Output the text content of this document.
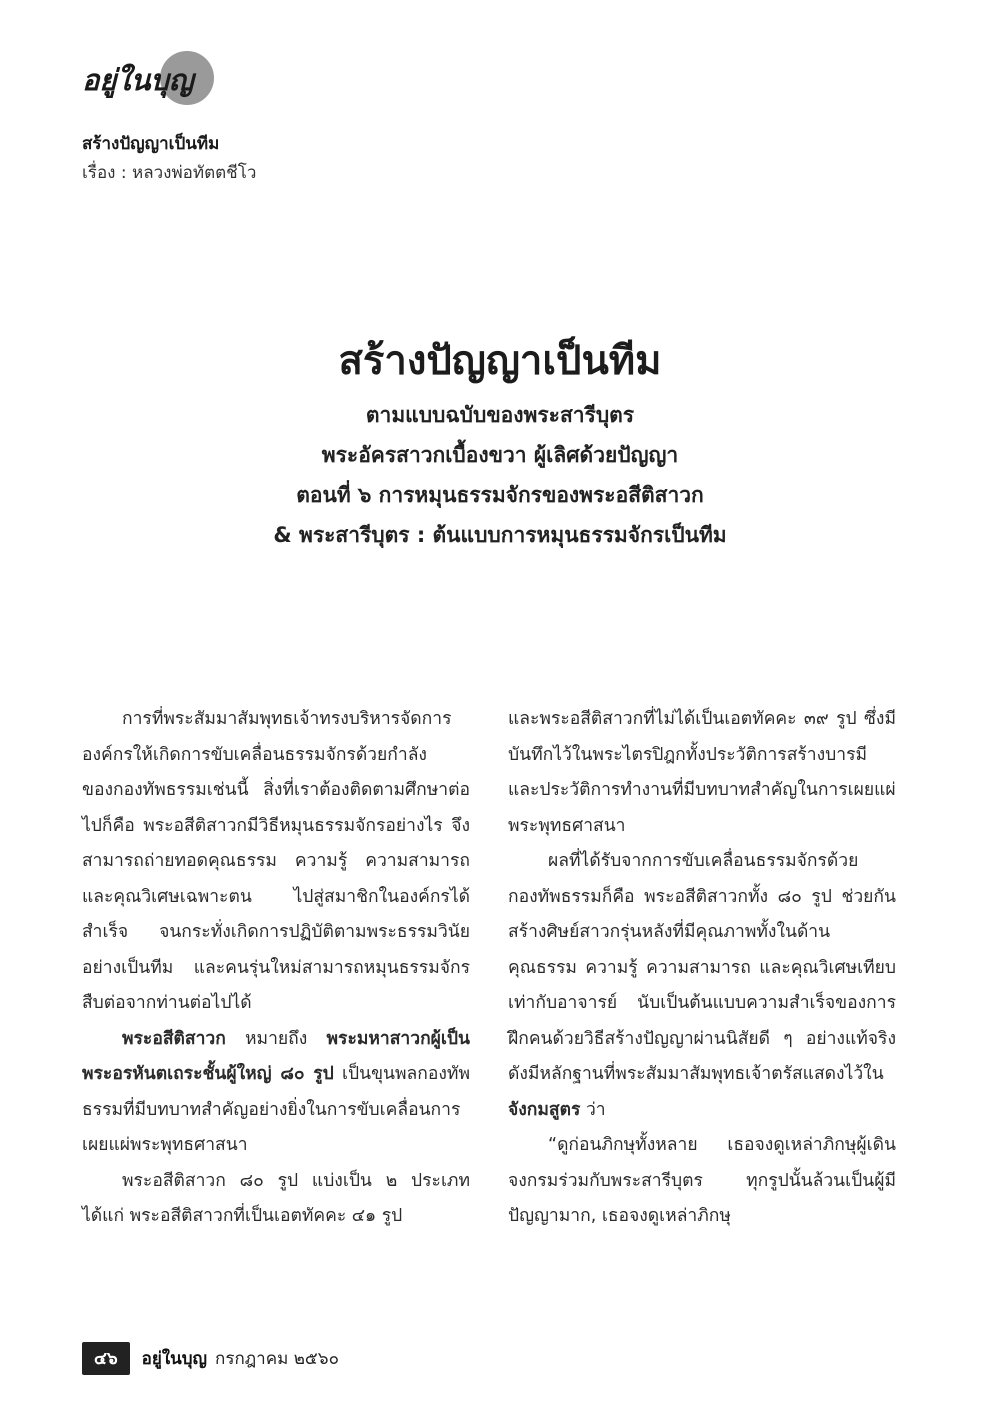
อยู่ในบุญ
สร้างปัญญาเป็นทีม
เรื่อง : หลวงพ่อทัตตชีโว
สร้างปัญญาเป็นทีม

ตามแบบฉบับของพระสารีบุตร

พระอัครสาวกเบื้องขวา ผู้เลิศด้วยปัญญา

ตอนที่ ๖ การหมุนธรรมจักรของพระอสีติสาวก

& พระสารีบุตร : ต้นแบบการหมุนธรรมจักรเป็นทีม

การที่พระสัมมาสัมพุทธเจ้าทรงบริหารจัดการองค์กรให้เกิดการขับเคลื่อนธรรมจักรด้วยกำลังของกองทัพธรรมเช่นนี้ สิ่งที่เราต้องติดตามศึกษาต่อไปก็คือ พระอสีติสาวกมีวิธีหมุนธรรมจักรอย่างไร จึงสามารถถ่ายทอดคุณธรรม ความรู้ ความสามารถ และคุณวิเศษเฉพาะตน ไปสู่สมาชิกในองค์กรได้สำเร็จ จนกระทั่งเกิดการปฏิบัติตามพระธรรมวินัยอย่างเป็นทีม และคนรุ่นใหม่สามารถหมุนธรรมจักรสืบต่อจากท่านต่อไปได้

พระอสีติสาวก หมายถึง พระมหาสาวกผู้เป็นพระอรหันตเถระชั้นผู้ใหญ่ ๘๐ รูป เป็นขุนพลกองทัพธรรมที่มีบทบาทสำคัญอย่างยิ่งในการขับเคลื่อนการเผยแผ่พระพุทธศาสนา

พระอสีติสาวก ๘๐ รูป แบ่งเป็น ๒ ประเภท ได้แก่ พระอสีติสาวกที่เป็นเอตทัคคะ ๔๑ รูป

และพระอสีติสาวกที่ไม่ได้เป็นเอตทัคคะ ๓๙ รูป ซึ่งมีบันทึกไว้ในพระไตรปิฎกทั้งประวัติการสร้างบารมีและประวัติการทำงานที่มีบทบาทสำคัญในการเผยแผ่พระพุทธศาสนา

ผลที่ได้รับจากการขับเคลื่อนธรรมจักรด้วยกองทัพธรรมก็คือ พระอสีติสาวกทั้ง ๘๐ รูป ช่วยกันสร้างศิษย์สาวกรุ่นหลังที่มีคุณภาพทั้งในด้านคุณธรรม ความรู้ ความสามารถ และคุณวิเศษเทียบเท่ากับอาจารย์ นับเป็นต้นแบบความสำเร็จของการฝึกคนด้วยวิธีสร้างปัญญาผ่านนิสัยดี ๆ อย่างแท้จริง ดังมีหลักฐานที่พระสัมมาสัมพุทธเจ้าตรัสแสดงไว้ใน จังกมสูตร ว่า

“ดูก่อนภิกษุทั้งหลาย เธอจงดูเหล่าภิกษุผู้เดินจงกรมร่วมกับพระสารีบุตร ทุกรูปนั้นล้วนเป็นผู้มีปัญญามาก, เธอจงดูเหล่าภิกษุ

๔๖	อยู่ในบุญ กรกฎาคม ๒๕๖๐
